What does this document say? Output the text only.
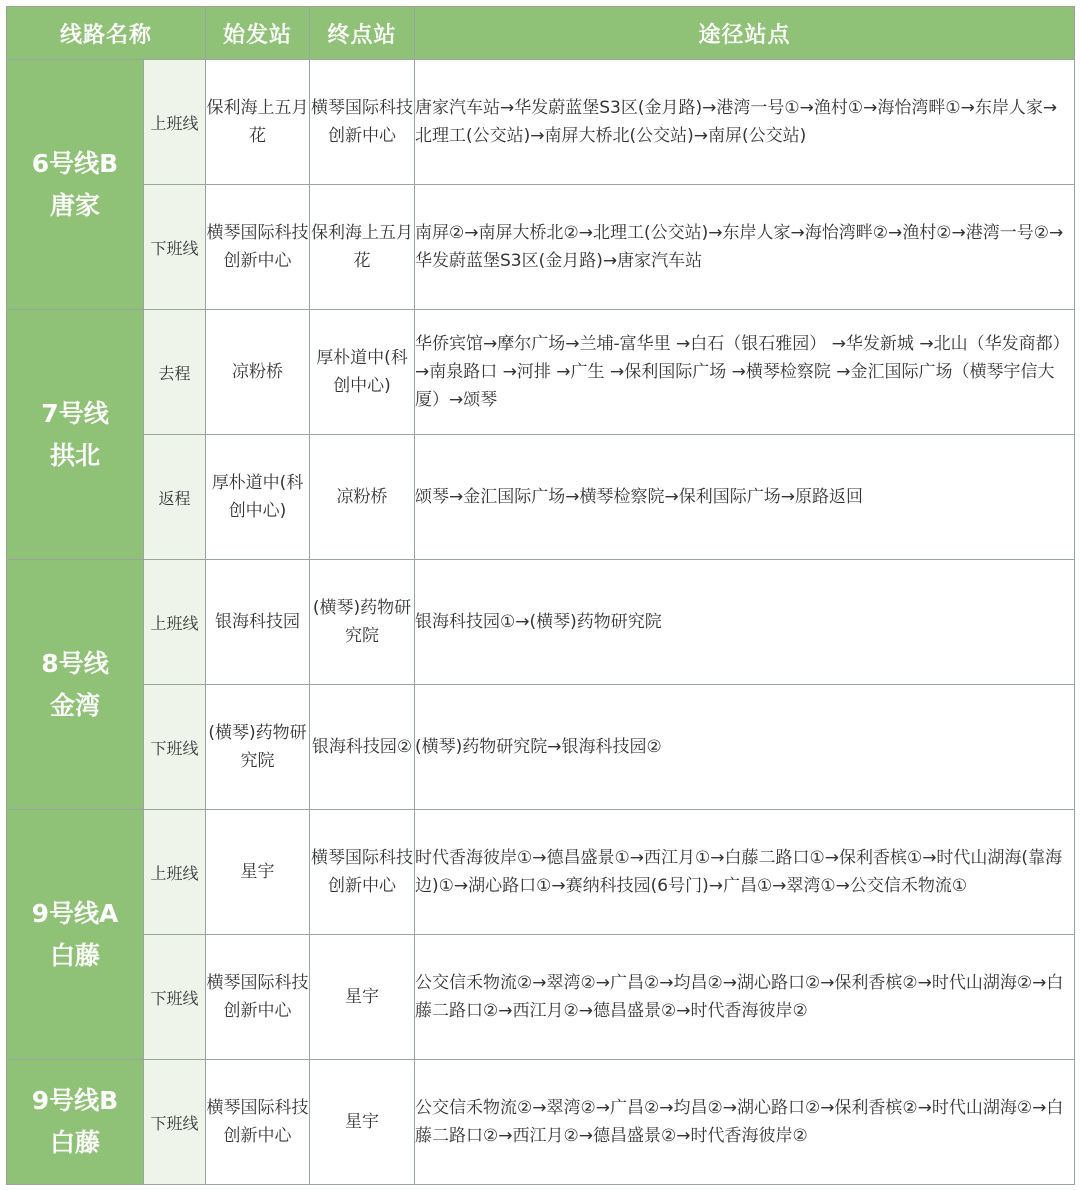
线路名称		始发站	终点站	途径站点

6号线B
唐家	上班线	保利海上五月花	横琴国际科技创新中心	唐家汽车站→华发蔚蓝堡S3区(金月路)→港湾一号①→渔村①→海怡湾畔①→东岸人家→北理工(公交站)→南屏大桥北(公交站)→南屏(公交站)
	下班线	横琴国际科技创新中心	保利海上五月花	南屏②→南屏大桥北②→北理工(公交站)→东岸人家→海怡湾畔②→渔村②→港湾一号②→华发蔚蓝堡S3区(金月路)→唐家汽车站

7号线
拱北	去程	凉粉桥	厚朴道中(科创中心)	华侨宾馆→摩尔广场→兰埔-富华里 →白石（银石雅园） →华发新城 →北山（华发商都）→南泉路口 →河排 →广生 →保利国际广场 →横琴检察院 →金汇国际广场（横琴宇信大厦）→颂琴
	返程	厚朴道中(科创中心)	凉粉桥	颂琴→金汇国际广场→横琴检察院→保利国际广场→原路返回

8号线
金湾	上班线	银海科技园	(横琴)药物研究院	银海科技园①→(横琴)药物研究院
	下班线	(横琴)药物研究院	银海科技园②	(横琴)药物研究院→银海科技园②

9号线A
白藤	上班线	星宇	横琴国际科技创新中心	时代香海彼岸①→德昌盛景①→西江月①→白藤二路口①→保利香槟①→时代山湖海(靠海边)①→湖心路口①→赛纳科技园(6号门)→广昌①→翠湾①→公交信禾物流①
	下班线	横琴国际科技创新中心	星宇	公交信禾物流②→翠湾②→广昌②→均昌②→湖心路口②→保利香槟②→时代山湖海②→白藤二路口②→西江月②→德昌盛景②→时代香海彼岸②

9号线B
白藤	下班线	横琴国际科技创新中心	星宇	公交信禾物流②→翠湾②→广昌②→均昌②→湖心路口②→保利香槟②→时代山湖海②→白藤二路口②→西江月②→德昌盛景②→时代香海彼岸②
